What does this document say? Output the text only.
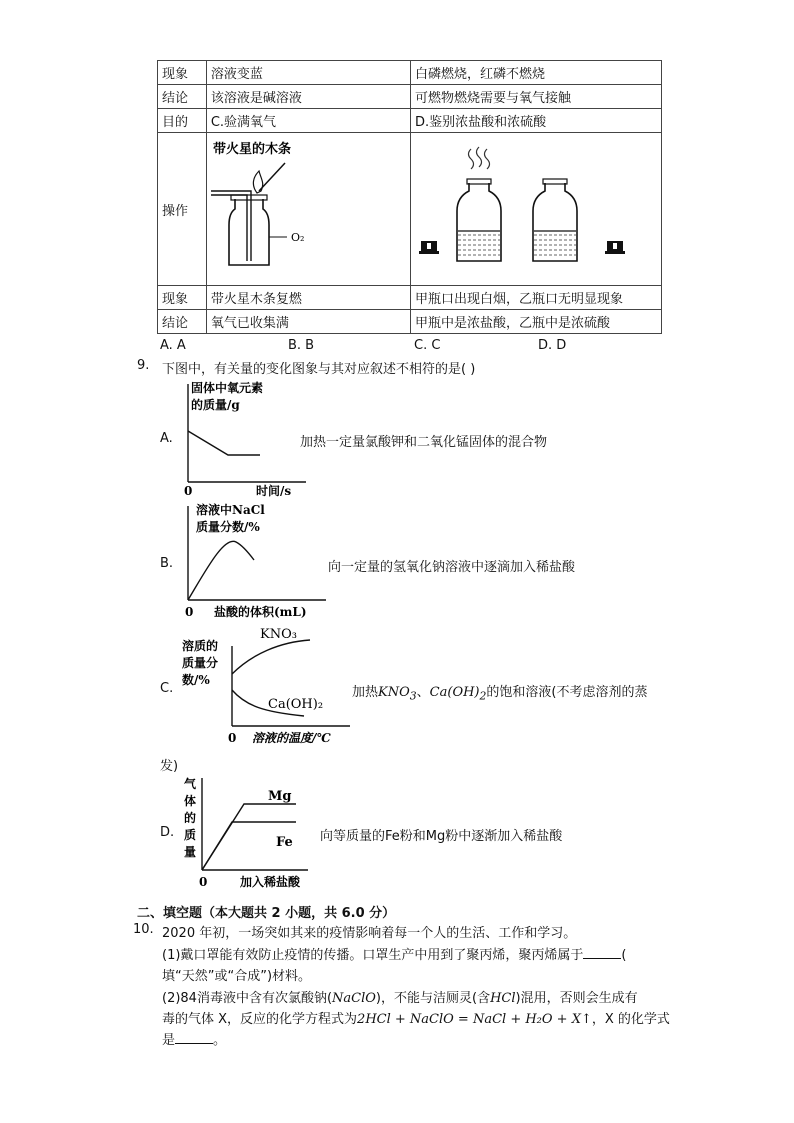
现象	溶液变蓝	白磷燃烧，红磷不燃烧
结论	该溶液是碱溶液	可燃物燃烧需要与氧气接触
目的	C.验满氧气	D.鉴别浓盐酸和浓硫酸
操作	带火星的木条
O₂

现象	带火星木条复燃	甲瓶口出现白烟，乙瓶口无明显现象
结论	氧气已收集满	甲瓶中是浓盐酸，乙瓶中是浓硫酸
A. A	B. B	C. C	D. D
9. 下图中，有关量的变化图象与其对应叙述不相符的是( )
A.
固体中氧元素
的质量/g
0	时间/s
加热一定量氯酸钾和二氧化锰固体的混合物
B.
溶液中NaCl
质量分数/%
0 盐酸的体积(mL)
向一定量的氢氧化钠溶液中逐滴加入稀盐酸
C.
KNO₃
Ca(OH)₂
溶质的
质量分
数/%
0 溶液的温度/℃
加热$KNO_3$、$Ca(OH)_2$的饱和溶液(不考虑溶剂的蒸
发)
D.
Mg
Fe
气
体
的
质
量
0	加入稀盐酸
向等质量的Fe粉和Mg粉中逐渐加入稀盐酸
二、填空题（本大题共 2 小题，共 6.0 分）
10. 2020 年初，一场突如其来的疫情影响着每一个人的生活、工作和学习。
(1)戴口罩能有效防止疫情的传播。口罩生产中用到了聚丙烯，聚丙烯属于	(
填“天然”或“合成”)材料。
(2)84消毒液中含有次氯酸钠(NaClO)，不能与洁厕灵(含HCl)混用，否则会生成有
毒的气体 X，反应的化学方程式为2HCl + NaClO = NaCl + H₂O + X↑，X 的化学式
是	。
